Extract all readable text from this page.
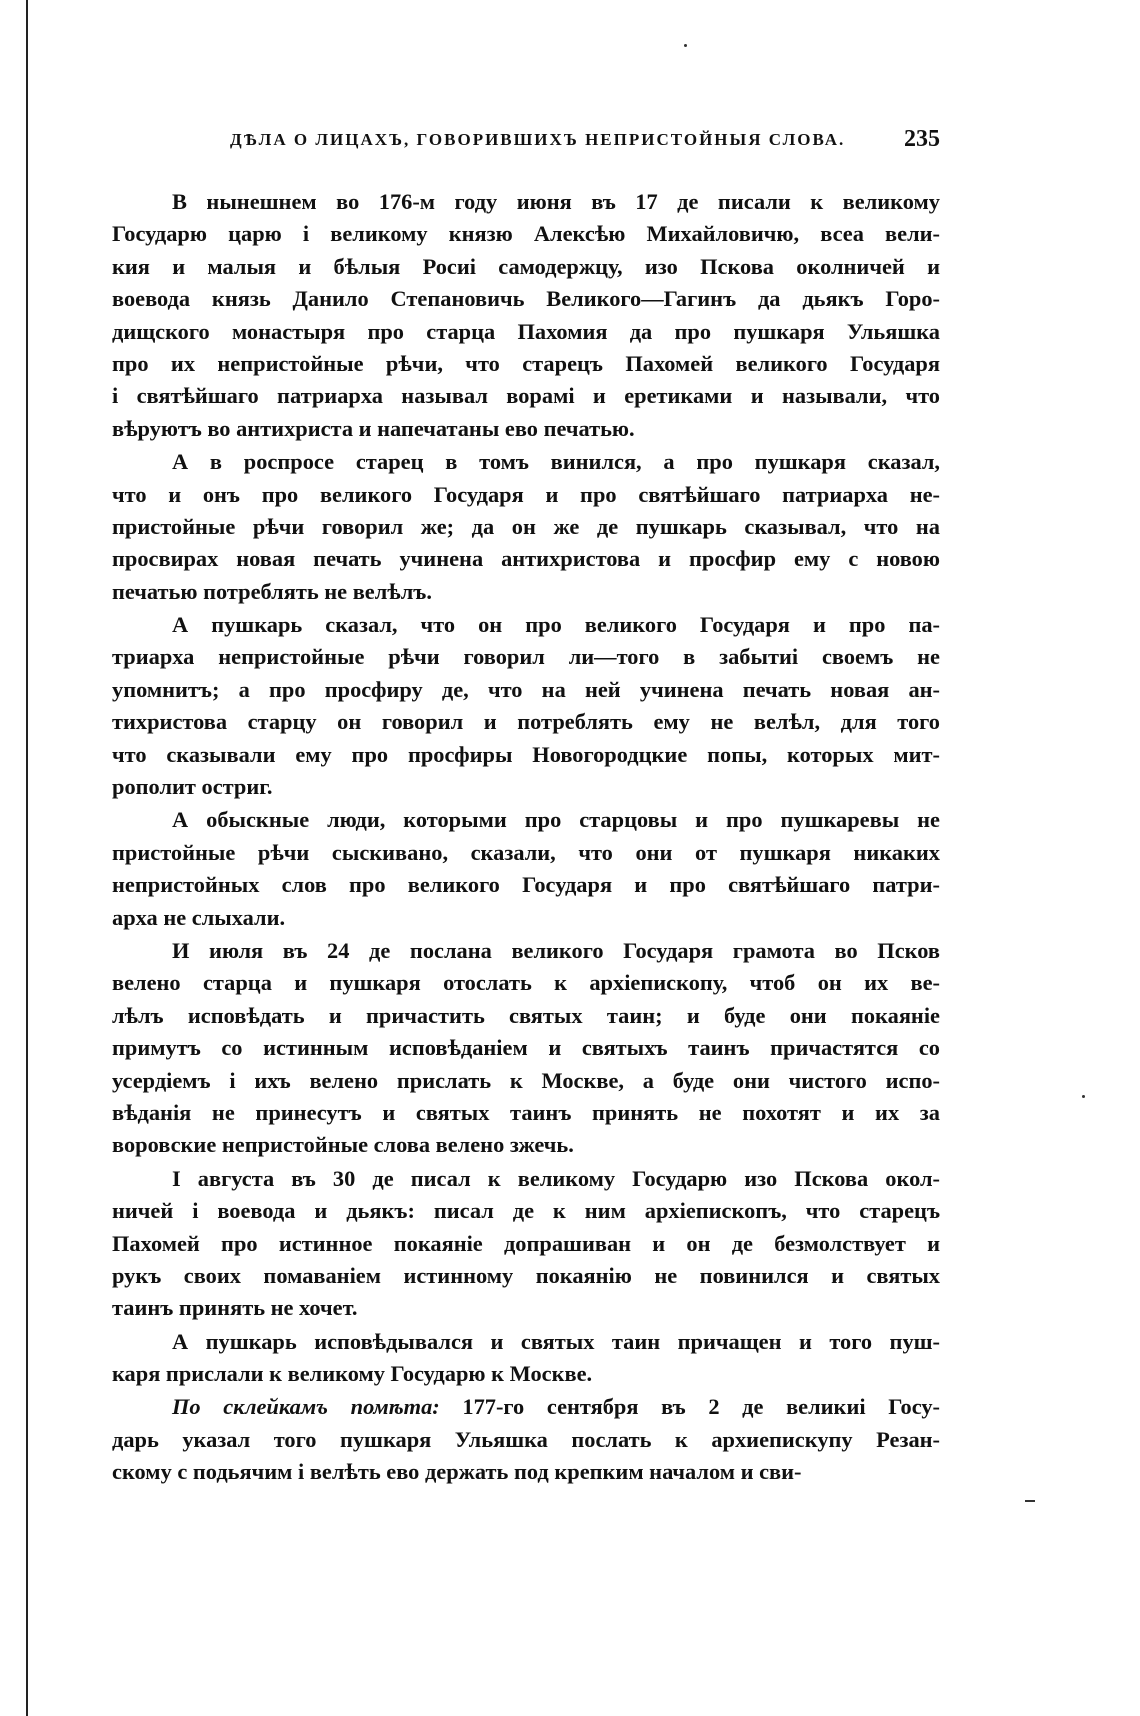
ДѢЛА О ЛИЦАХЪ, ГОВОРИВШИХЪ НЕПРИСТОЙНЫЯ СЛОВА. 235
В нынешнем во 176-м году июня въ 17 де писали к великому
Государю царю і великому князю Алексѣю Михайловичю, всеа вели-
кия и малыя и бѣлыя Росиі самодержцу, изо Пскова околничей и
воевода князь Данило Степановичь Великого—Гагинъ да дьякъ Горо-
дищского монастыря про старца Пахомия да про пушкаря Ульяшка
про их непристойные рѣчи, что старецъ Пахомей великого Государя
і святѣйшаго патриарха называл ворамі и еретиками и называли, что
вѣруютъ во антихриста и напечатаны ево печатью.
А в роспросе старец в томъ винился, а про пушкаря сказал,
что и онъ про великого Государя и про святѣйшаго патриарха не-
пристойные рѣчи говорил же; да он же де пушкарь сказывал, что на
просвирах новая печать учинена антихристова и просфир ему с новою
печатью потреблять не велѣлъ.
А пушкарь сказал, что он про великого Государя и про па-
триарха непристойные рѣчи говорил ли—того в забытиі своемъ не
упомнитъ; а про просфиру де, что на ней учинена печать новая ан-
тихристова старцу он говорил и потреблять ему не велѣл, для того
что сказывали ему про просфиры Новогородцкие попы, которых мит-
рополит остриг.
А обыскные люди, которыми про старцовы и про пушкаревы не
пристойные рѣчи сыскивано, сказали, что они от пушкаря никаких
непристойных слов про великого Государя и про святѣйшаго патри-
арха не слыхали.
И июля въ 24 де послана великого Государя грамота во Псков
велено старца и пушкаря отослать к архіепископу, чтоб он их ве-
лѣлъ исповѣдать и причастить святых таин; и буде они покаяніе
примутъ со истинным исповѣданіем и святыхъ таинъ причастятся со
усердіемъ і ихъ велено прислать к Москве, а буде они чистого испо-
вѣданія не принесутъ и святых таинъ принять не похотят и их за
воровские непристойные слова велено зжечь.
І августа въ 30 де писал к великому Государю изо Пскова окол-
ничей і воевода и дьякъ: писал де к ним архіепископъ, что старецъ
Пахомей про истинное покаяніе допрашиван и он де безмолствует и
рукъ своих помаваніем истинному покаянію не повинился и святых
таинъ принять не хочет.
А пушкарь исповѣдывался и святых таин причащен и того пуш-
каря прислали к великому Государю к Москве.
По склейкамъ помѣта: 177-го сентября въ 2 де великиі Госу-
дарь указал того пушкаря Ульяшка послать к архиепискупу Резан-
скому с подьячим і велѣть ево держать под крепким началом и сви-
